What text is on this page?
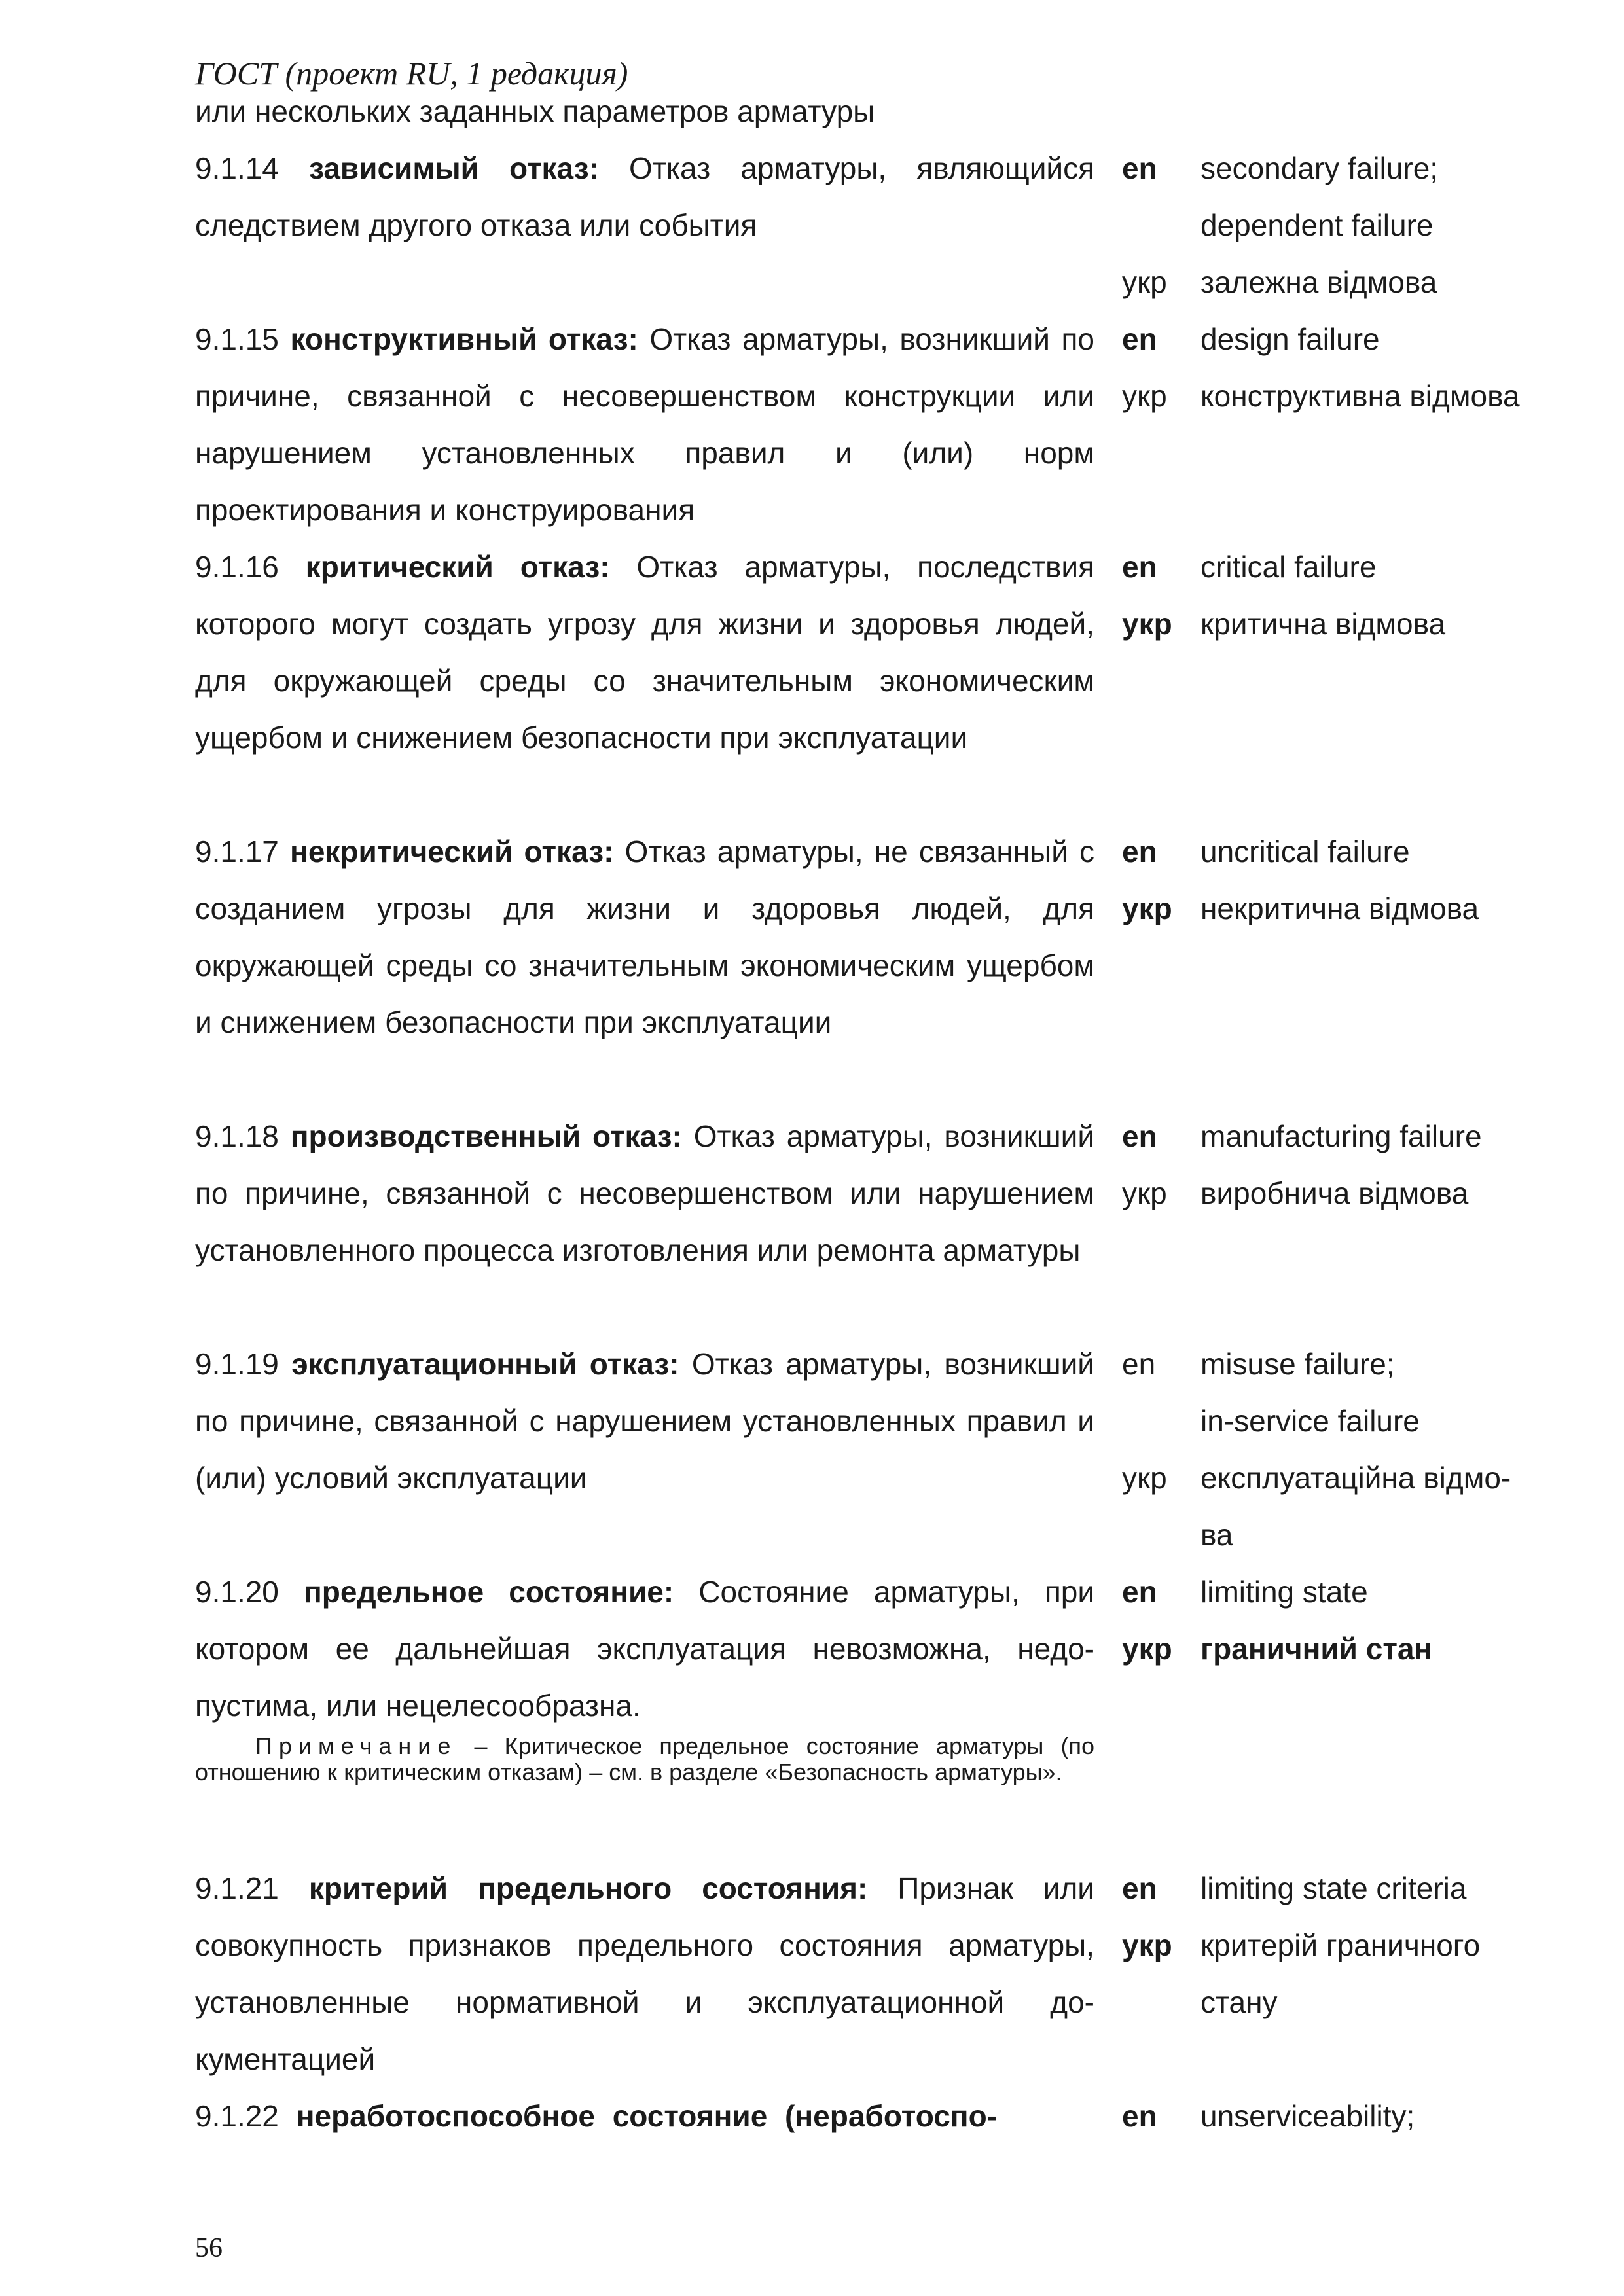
ГОСТ (проект RU, 1 редакция)
или нескольких заданных параметров арматуры
9.1.14 зависимый отказ: Отказ арматуры, являющийся следствием другого отказа или события
en secondary failure;
dependent failure
укр залежна відмова
9.1.15 конструктивный отказ: Отказ арматуры, возникший по причине, связанной с несовершенством конструкции или нарушением установленных правил и (или) норм проектирования и конструирования
en design failure
укр конструктивна відмова
9.1.16 критический отказ: Отказ арматуры, последствия которого могут создать угрозу для жизни и здоровья людей, для окружающей среды со значительным экономическим ущербом и снижением безопасности при эксплуатации
en critical failure
укр критична відмова
9.1.17 некритический отказ: Отказ арматуры, не связанный с созданием угрозы для жизни и здоровья людей, для окружающей среды со значительным экономическим ущербом и снижением безопасности при эксплуатации
en uncritical failure
укр некритична відмова
9.1.18 производственный отказ: Отказ арматуры, возникший по причине, связанной с несовершенством или нарушением установленного процесса изготовления или ремонта арматуры
en manufacturing failure
укр виробнича відмова
9.1.19 эксплуатационный отказ: Отказ арматуры, возникший по причине, связанной с нарушением установленных правил и (или) условий эксплуатации
en misuse failure;
in-service failure
укр експлуатаційна відмо-
ва
9.1.20 предельное состояние: Состояние арматуры, при котором ее дальнейшая эксплуатация невозможна, недопустима, или нецелесообразна.
en limiting state
укр граничний стан
Примечание – Критическое предельное состояние арматуры (по отношению к критическим отказам) – см. в разделе «Безопасность арматуры».
9.1.21 критерий предельного состояния: Признак или совокупность признаков предельного состояния арматуры, установленные нормативной и эксплуатационной документацией
en limiting state criteria
укр критерій граничного
стану
9.1.22 неработоспособное состояние (неработоспо-	en unserviceability;
56
